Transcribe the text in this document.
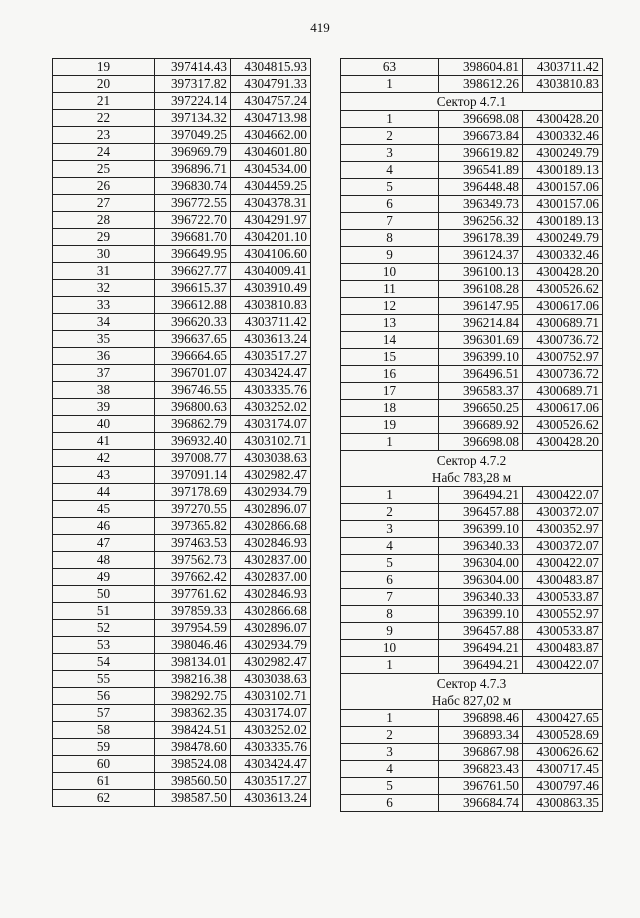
419
19	397414.43	4304815.93
20	397317.82	4304791.33
21	397224.14	4304757.24
22	397134.32	4304713.98
23	397049.25	4304662.00
24	396969.79	4304601.80
25	396896.71	4304534.00
26	396830.74	4304459.25
27	396772.55	4304378.31
28	396722.70	4304291.97
29	396681.70	4304201.10
30	396649.95	4304106.60
31	396627.77	4304009.41
32	396615.37	4303910.49
33	396612.88	4303810.83
34	396620.33	4303711.42
35	396637.65	4303613.24
36	396664.65	4303517.27
37	396701.07	4303424.47
38	396746.55	4303335.76
39	396800.63	4303252.02
40	396862.79	4303174.07
41	396932.40	4303102.71
42	397008.77	4303038.63
43	397091.14	4302982.47
44	397178.69	4302934.79
45	397270.55	4302896.07
46	397365.82	4302866.68
47	397463.53	4302846.93
48	397562.73	4302837.00
49	397662.42	4302837.00
50	397761.62	4302846.93
51	397859.33	4302866.68
52	397954.59	4302896.07
53	398046.46	4302934.79
54	398134.01	4302982.47
55	398216.38	4303038.63
56	398292.75	4303102.71
57	398362.35	4303174.07
58	398424.51	4303252.02
59	398478.60	4303335.76
60	398524.08	4303424.47
61	398560.50	4303517.27
62	398587.50	4303613.24
63	398604.81	4303711.42
1	398612.26	4303810.83

Сектор 4.7.1		

1	396698.08	4300428.20
2	396673.84	4300332.46
3	396619.82	4300249.79
4	396541.89	4300189.13
5	396448.48	4300157.06
6	396349.73	4300157.06
7	396256.32	4300189.13
8	396178.39	4300249.79
9	396124.37	4300332.46
10	396100.13	4300428.20
11	396108.28	4300526.62
12	396147.95	4300617.06
13	396214.84	4300689.71
14	396301.69	4300736.72
15	396399.10	4300752.97
16	396496.51	4300736.72
17	396583.37	4300689.71
18	396650.25	4300617.06
19	396689.92	4300526.62
1	396698.08	4300428.20

Сектор 4.7.2
Набс 783,28 м		

1	396494.21	4300422.07
2	396457.88	4300372.07
3	396399.10	4300352.97
4	396340.33	4300372.07
5	396304.00	4300422.07
6	396304.00	4300483.87
7	396340.33	4300533.87
8	396399.10	4300552.97
9	396457.88	4300533.87
10	396494.21	4300483.87
1	396494.21	4300422.07

Сектор 4.7.3
Набс 827,02 м		

1	396898.46	4300427.65
2	396893.34	4300528.69
3	396867.98	4300626.62
4	396823.43	4300717.45
5	396761.50	4300797.46
6	396684.74	4300863.35
